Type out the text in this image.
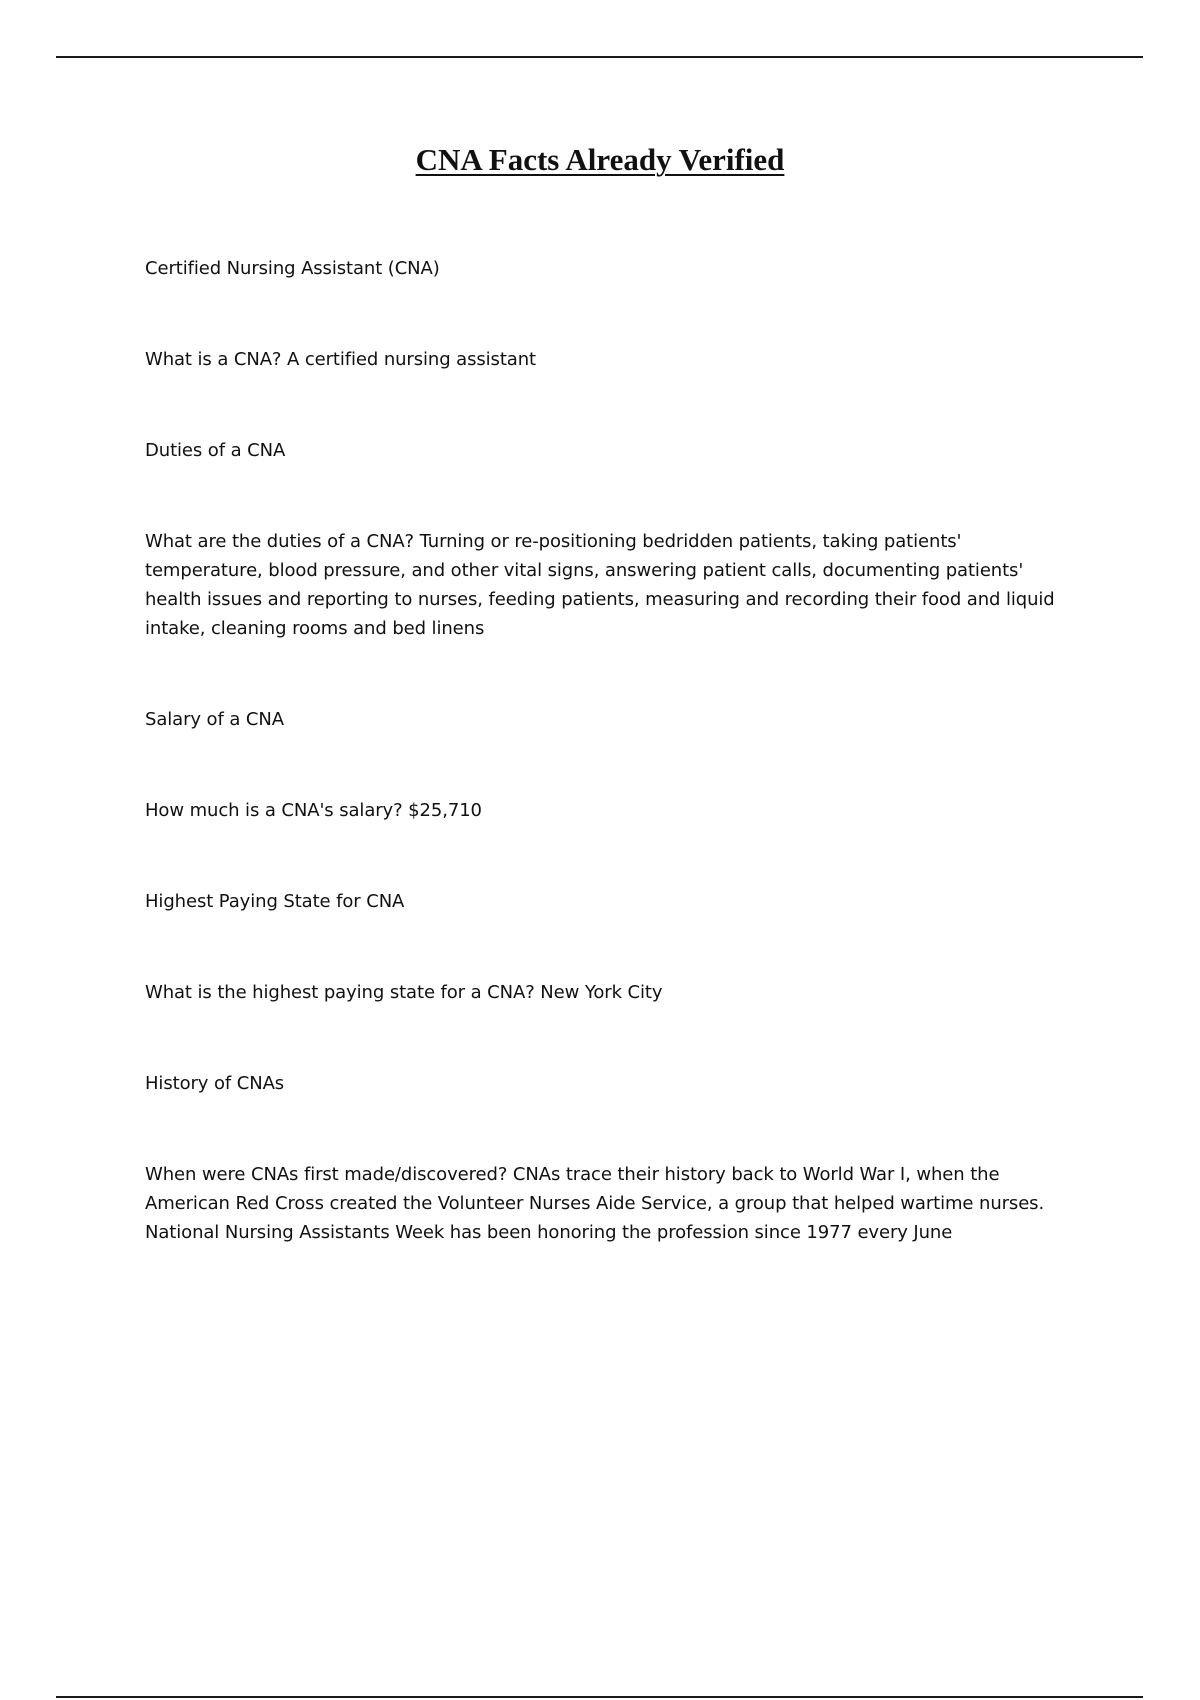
CNA Facts Already Verified

Certified Nursing Assistant (CNA)

What is a CNA? A certified nursing assistant

Duties of a CNA

What are the duties of a CNA? Turning or re-positioning bedridden patients, taking patients' temperature, blood pressure, and other vital signs, answering patient calls, documenting patients' health issues and reporting to nurses, feeding patients, measuring and recording their food and liquid intake, cleaning rooms and bed linens

Salary of a CNA

How much is a CNA's salary? $25,710

Highest Paying State for CNA

What is the highest paying state for a CNA? New York City

History of CNAs

When were CNAs first made/discovered? CNAs trace their history back to World War I, when the American Red Cross created the Volunteer Nurses Aide Service, a group that helped wartime nurses. National Nursing Assistants Week has been honoring the profession since 1977 every June
